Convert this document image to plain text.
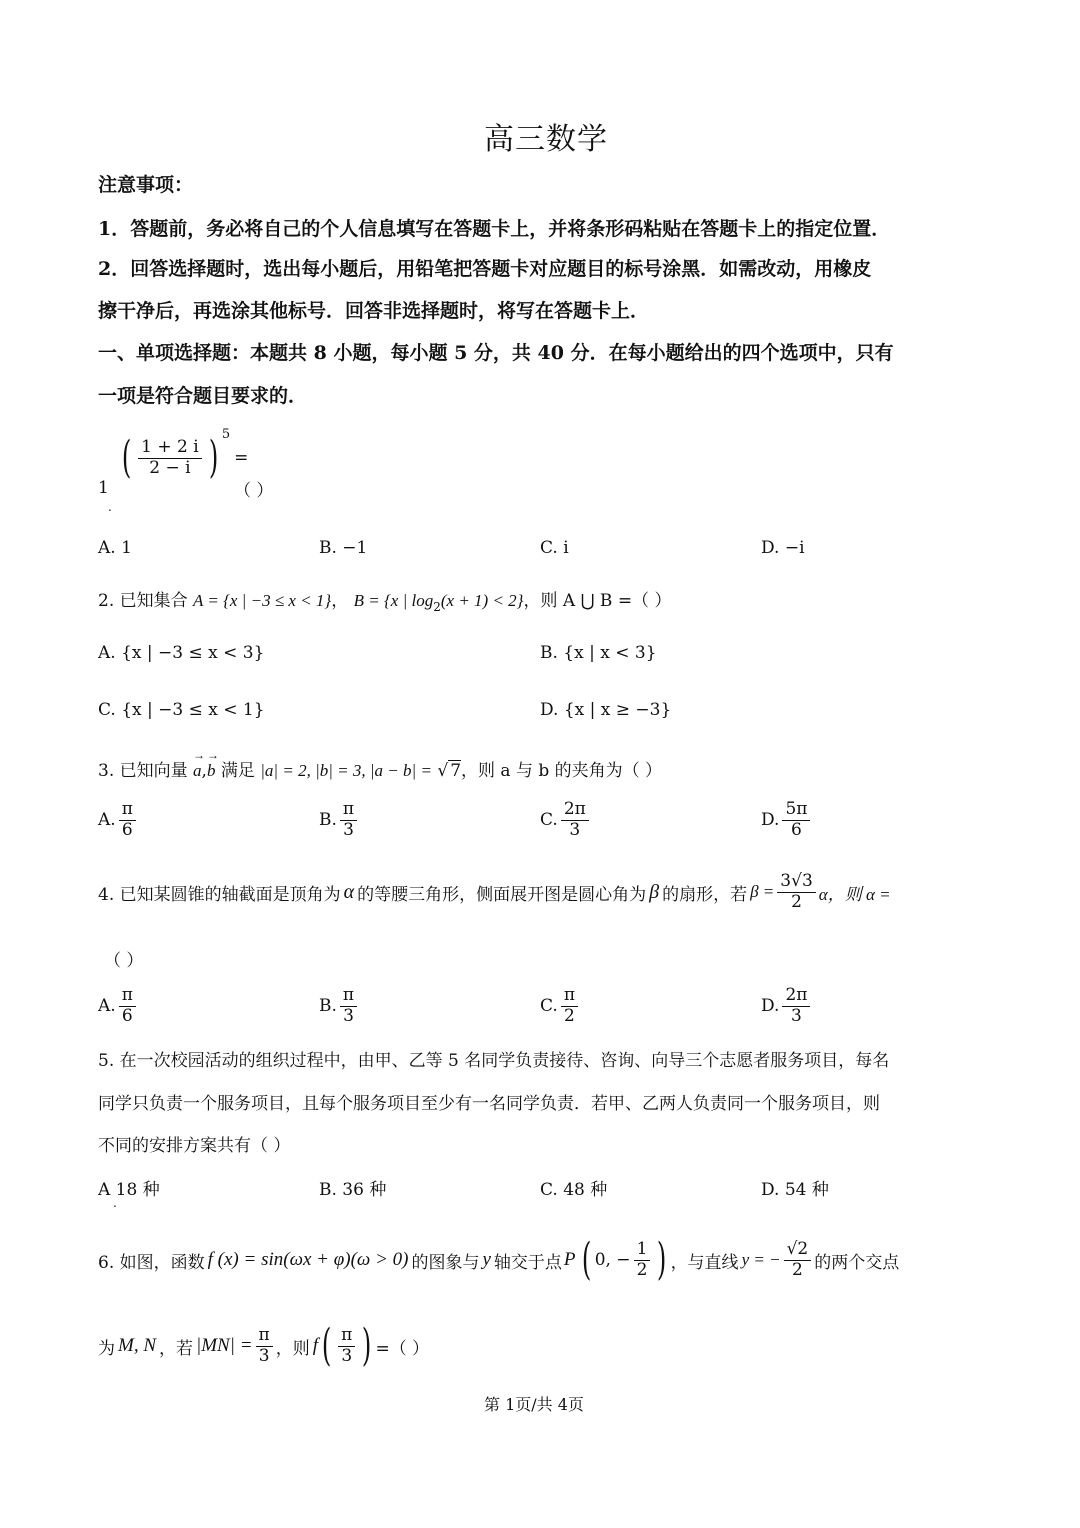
高三数学
注意事项：
1．答题前，务必将自己的个人信息填写在答题卡上，并将条形码粘贴在答题卡上的指定位置．
2．回答选择题时，选出每小题后，用铅笔把答题卡对应题目的标号涂黑．如需改动，用橡皮
擦干净后，再选涂其他标号．回答非选择题时，将写在答题卡上．
一、单项选择题：本题共 8 小题，每小题 5 分，共 40 分．在每小题给出的四个选项中，只有
一项是符合题目要求的．
1
.
( $\frac{1 + 2 i}{2 - i}$ ) 5
=
（ ）
A. 1	B. −1	C. i	D. −i
2. 已知集合 A = {x | −3 ≤ x < 1}， B = {x | $\log_2(x + 1) < 2$}，则 A ⋃ B =（ ）
A. {x | −3 ≤ x < 3}	B. {x | x < 3}
C. {x | −3 ≤ x < 1}	D. {x | x ≥ −3}
3. 已知向量 → a,→ b 满足 |a| = 2, |b| = 3, |a − b| = √ 7，则 a 与 b 的夹角为（ ）
A. $\frac{\pi}{6}$	B. $\frac{\pi}{3}$	C. $\frac{2\pi}{3}$	D. $\frac{5\pi}{6}$
4. 已知某圆锥的轴截面是顶角为 α 的等腰三角形，侧面展开图是圆心角为 β 的扇形，若 $\beta = \frac{3√3}{2}$ α，则 α =
（ ）
A. $\frac{\pi}{6}$	B. $\frac{\pi}{3}$	C. $\frac{\pi}{2}$	D. $\frac{2\pi}{3}$
5. 在一次校园活动的组织过程中，由甲、乙等 5 名同学负责接待、咨询、向导三个志愿者服务项目，每名
同学只负责一个服务项目，且每个服务项目至少有一名同学负责．若甲、乙两人负责同一个服务项目，则
不同的安排方案共有（ ）
A 18 种
.
B. 36 种	C. 48 种	D. 54 种
6. 如图，函数 f (x) = sin(ωx + φ)(ω > 0) 的图象与 y 轴交于点 P ( 0, − $\frac{1}{2}$ ) ，与直线 y = − $\frac{√2}{2}$ 的两个交点
为 M, N ，若 $|MN| = \frac{\pi}{3}$ ，则 f ( $\frac{\pi}{3}$ ) =（ ）
第 1页/共 4页
